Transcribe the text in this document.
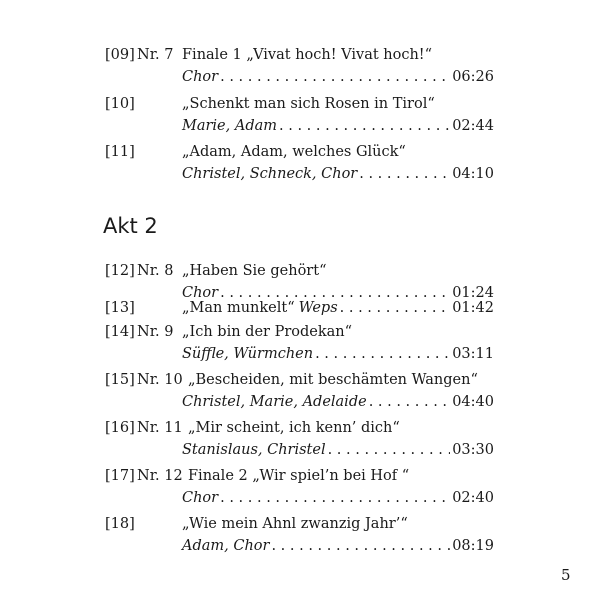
[09] Nr. 7 Finale 1 „Vivat hoch! Vivat hoch!“
Chor . . .	06:26
[10]	„Schenkt man sich Rosen in Tirol“
Marie, Adam . . .	02:44
[11]	„Adam, Adam, welches Glück“
Christel, Schneck, Chor . . .	04:10
Akt 2
[12] Nr. 8 „Haben Sie gehört“
Chor . . .	01:24
[13]	„Man munkelt“ Weps . . .	01:42
[14] Nr. 9 „Ich bin der Prodekan“
Süffle, Würmchen . . .	03:11
[15] Nr. 10 „Bescheiden, mit beschämten Wangen“
Christel, Marie, Adelaide . . .	04:40
[16] Nr. 11 „Mir scheint, ich kenn’ dich“
Stanislaus, Christel . . .	03:30
[17] Nr. 12 Finale 2 „Wir spiel’n bei Hof “
Chor . . .	02:40
[18]	„Wie mein Ahnl zwanzig Jahr’“
Adam, Chor . . .	08:19
5
